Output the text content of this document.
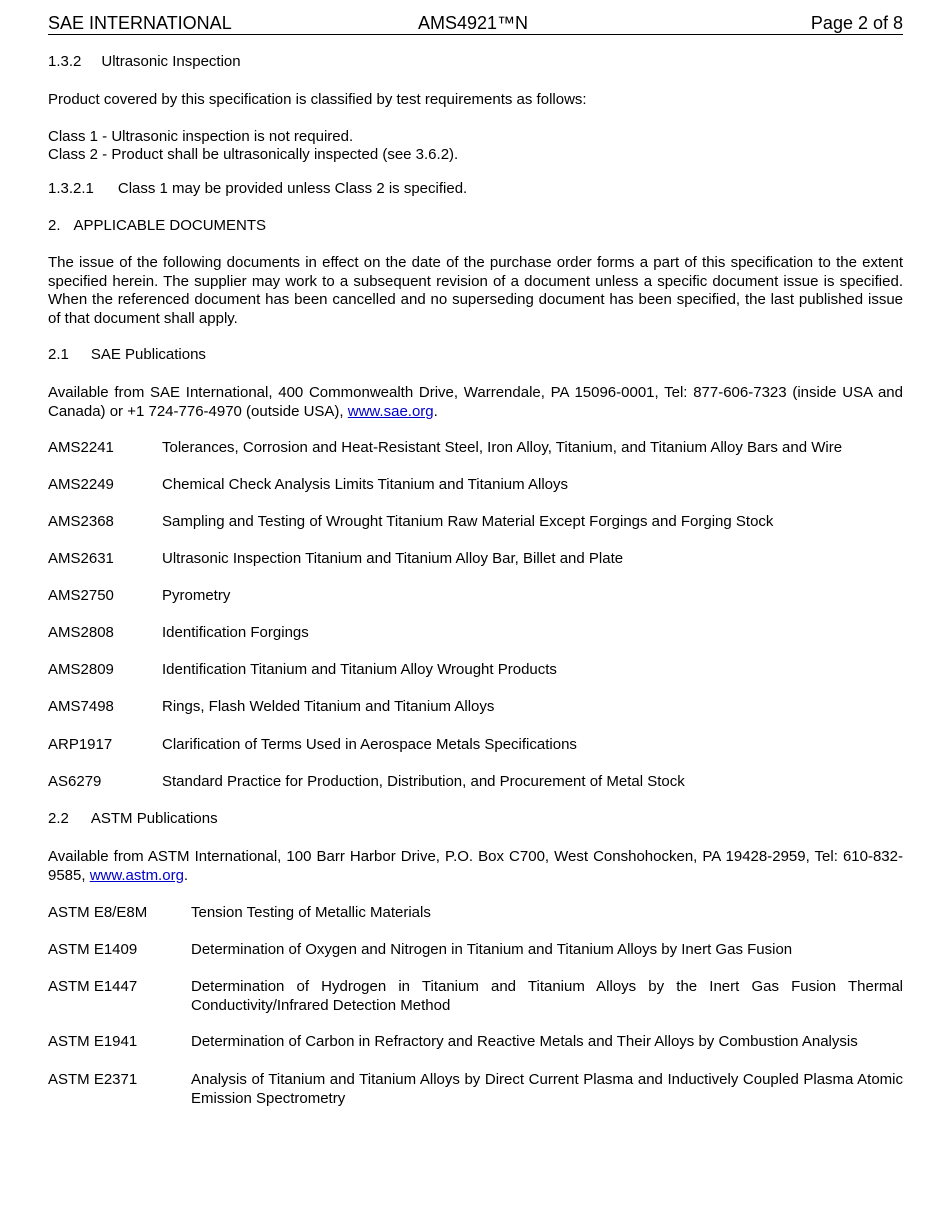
SAE INTERNATIONAL	AMS4921™N	Page 2 of 8
1.3.2 Ultrasonic Inspection
Product covered by this specification is classified by test requirements as follows:
Class 1 - Ultrasonic inspection is not required.
Class 2 - Product shall be ultrasonically inspected (see 3.6.2).
1.3.2.1 Class 1 may be provided unless Class 2 is specified.
2. APPLICABLE DOCUMENTS
The issue of the following documents in effect on the date of the purchase order forms a part of this specification to the extent specified herein. The supplier may work to a subsequent revision of a document unless a specific document issue is specified. When the referenced document has been cancelled and no superseding document has been specified, the last published issue of that document shall apply.
2.1 SAE Publications
Available from SAE International, 400 Commonwealth Drive, Warrendale, PA 15096-0001, Tel: 877-606-7323 (inside USA and Canada) or +1 724-776-4970 (outside USA), www.sae.org.
AMS2241	Tolerances, Corrosion and Heat-Resistant Steel, Iron Alloy, Titanium, and Titanium Alloy Bars and Wire
AMS2249	Chemical Check Analysis Limits Titanium and Titanium Alloys
AMS2368	Sampling and Testing of Wrought Titanium Raw Material Except Forgings and Forging Stock
AMS2631	Ultrasonic Inspection Titanium and Titanium Alloy Bar, Billet and Plate
AMS2750	Pyrometry
AMS2808	Identification Forgings
AMS2809	Identification Titanium and Titanium Alloy Wrought Products
AMS7498	Rings, Flash Welded Titanium and Titanium Alloys
ARP1917	Clarification of Terms Used in Aerospace Metals Specifications
AS6279	Standard Practice for Production, Distribution, and Procurement of Metal Stock
2.2 ASTM Publications
Available from ASTM International, 100 Barr Harbor Drive, P.O. Box C700, West Conshohocken, PA 19428-2959, Tel: 610-832-9585, www.astm.org.
ASTM E8/E8M	Tension Testing of Metallic Materials
ASTM E1409	Determination of Oxygen and Nitrogen in Titanium and Titanium Alloys by Inert Gas Fusion
ASTM E1447	Determination of Hydrogen in Titanium and Titanium Alloys by the Inert Gas Fusion Thermal Conductivity/Infrared Detection Method
ASTM E1941	Determination of Carbon in Refractory and Reactive Metals and Their Alloys by Combustion Analysis
ASTM E2371	Analysis of Titanium and Titanium Alloys by Direct Current Plasma and Inductively Coupled Plasma Atomic Emission Spectrometry
